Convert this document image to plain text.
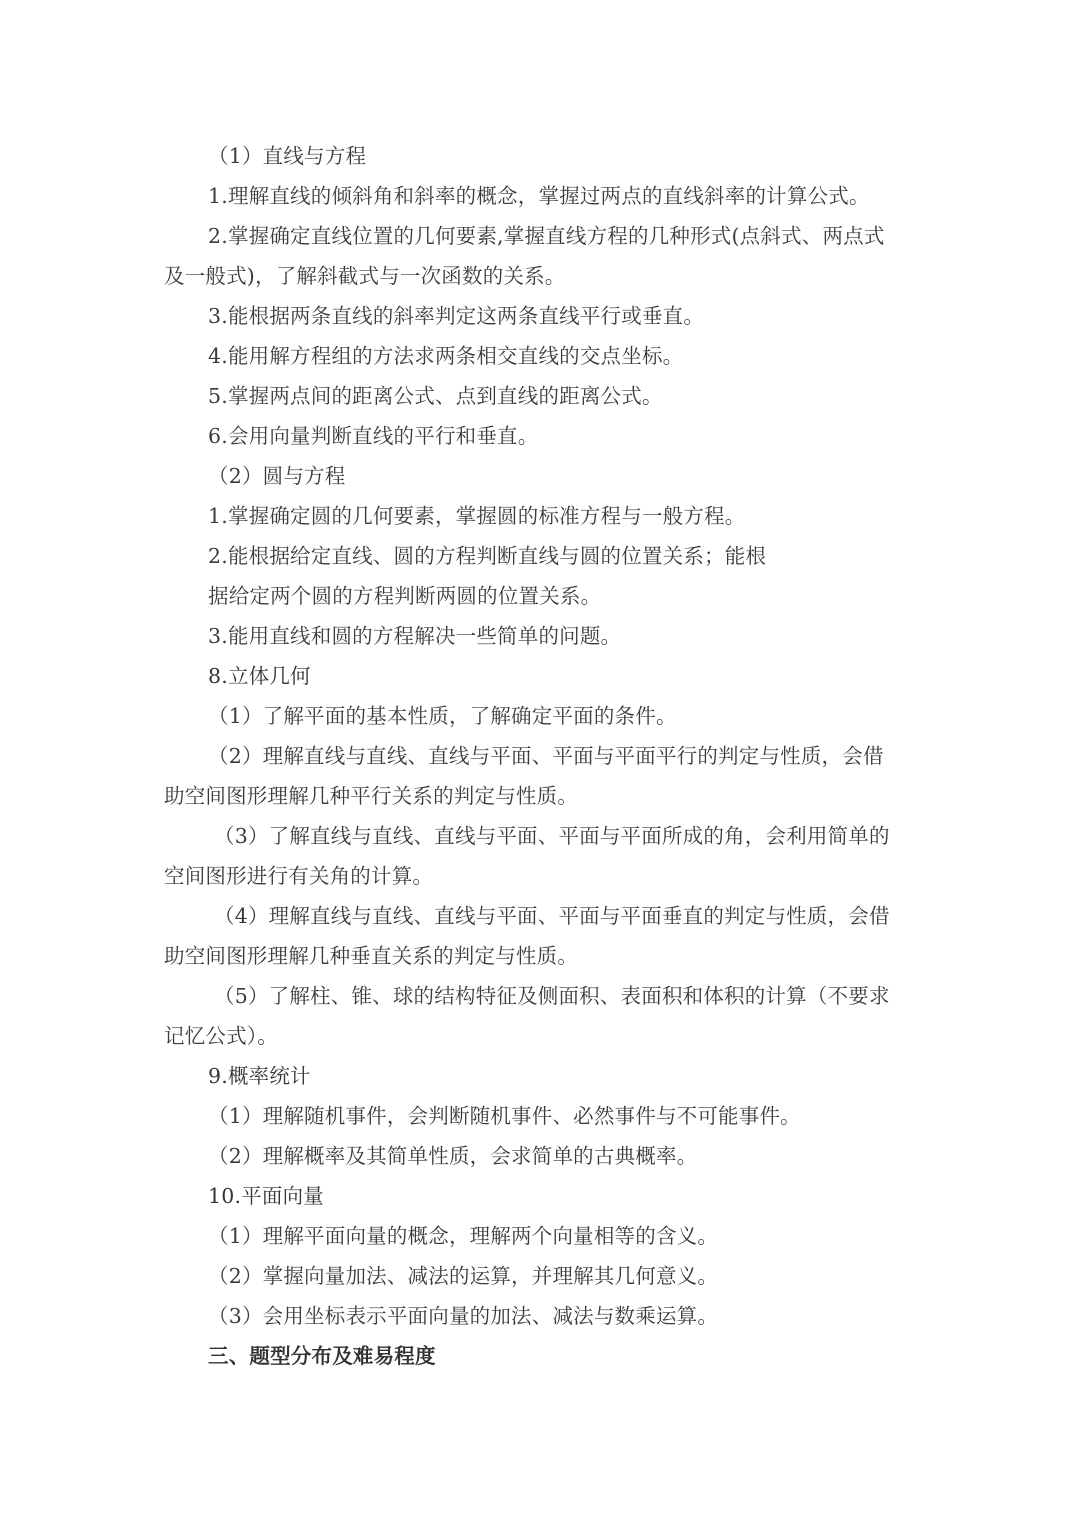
（1）直线与方程
1.理解直线的倾斜角和斜率的概念，掌握过两点的直线斜率的计算公式。
2.掌握确定直线位置的几何要素,掌握直线方程的几种形式(点斜式、两点式
及一般式)，了解斜截式与一次函数的关系。
3.能根据两条直线的斜率判定这两条直线平行或垂直。
4.能用解方程组的方法求两条相交直线的交点坐标。
5.掌握两点间的距离公式、点到直线的距离公式。
6.会用向量判断直线的平行和垂直。
（2）圆与方程
1.掌握确定圆的几何要素，掌握圆的标准方程与一般方程。
2.能根据给定直线、圆的方程判断直线与圆的位置关系；能根
据给定两个圆的方程判断两圆的位置关系。
3.能用直线和圆的方程解决一些简单的问题。
8.立体几何
（1）了解平面的基本性质，了解确定平面的条件。
（2）理解直线与直线、直线与平面、平面与平面平行的判定与性质，会借
助空间图形理解几种平行关系的判定与性质。
（3）了解直线与直线、直线与平面、平面与平面所成的角，会利用简单的
空间图形进行有关角的计算。
（4）理解直线与直线、直线与平面、平面与平面垂直的判定与性质，会借
助空间图形理解几种垂直关系的判定与性质。
（5）了解柱、锥、球的结构特征及侧面积、表面积和体积的计算（不要求
记忆公式）。
9.概率统计
（1）理解随机事件，会判断随机事件、必然事件与不可能事件。
（2）理解概率及其简单性质，会求简单的古典概率。
10.平面向量
（1）理解平面向量的概念，理解两个向量相等的含义。
（2）掌握向量加法、减法的运算，并理解其几何意义。
（3）会用坐标表示平面向量的加法、减法与数乘运算。
三、题型分布及难易程度
